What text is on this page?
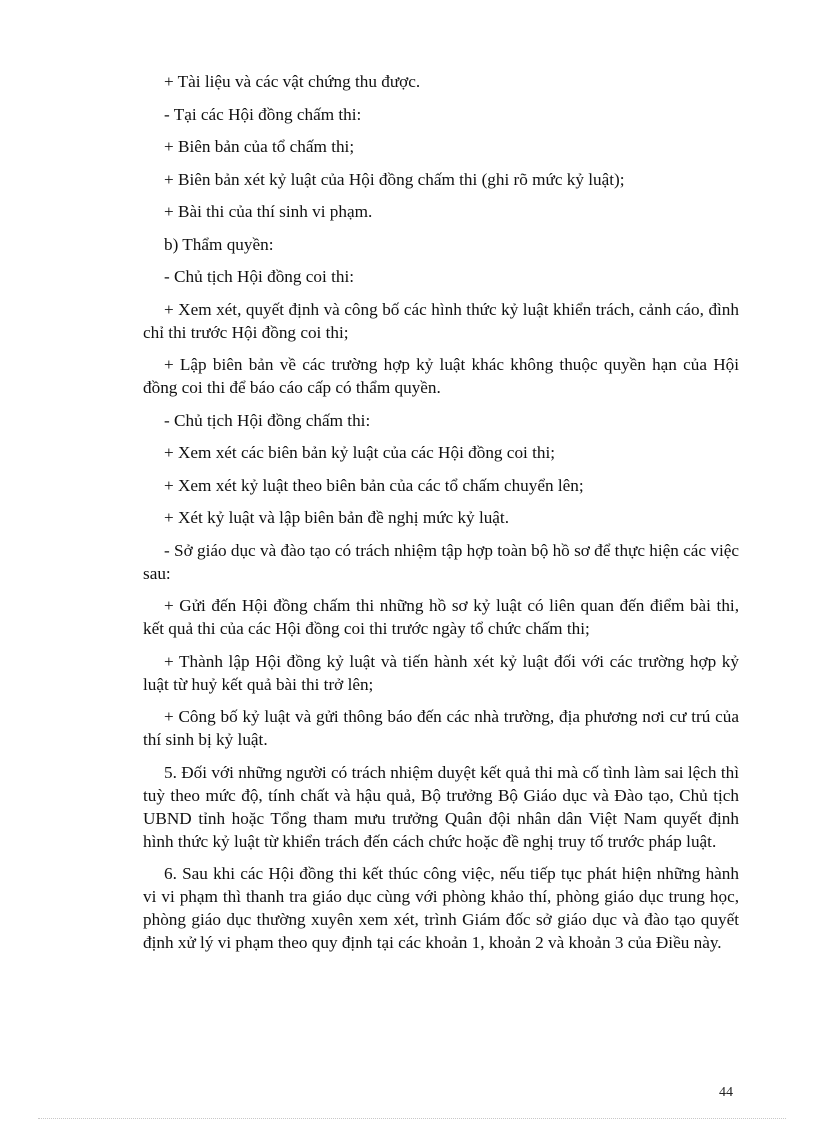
+ Tài liệu và các vật chứng thu được.

- Tại các Hội đồng chấm thi:

+ Biên bản của tổ chấm thi;

+ Biên bản xét kỷ luật của Hội đồng chấm thi (ghi rõ mức kỷ luật);

+ Bài thi của thí sinh vi phạm.

b) Thẩm quyền:

- Chủ tịch Hội đồng coi thi:

+ Xem xét, quyết định và công bố các hình thức kỷ luật khiển trách, cảnh cáo, đình chỉ thi trước Hội đồng coi thi;

+ Lập biên bản về các trường hợp kỷ luật khác không thuộc quyền hạn của Hội đồng coi thi để báo cáo cấp có thẩm quyền.

- Chủ tịch Hội đồng chấm thi:

+ Xem xét các biên bản kỷ luật của các Hội đồng coi thi;

+ Xem xét kỷ luật theo biên bản của các tổ chấm chuyển lên;

+ Xét kỷ luật và lập biên bản đề nghị mức kỷ luật.

- Sở giáo dục và đào tạo có trách nhiệm tập hợp toàn bộ hồ sơ để thực hiện các việc sau:

+ Gửi đến Hội đồng chấm thi những hồ sơ kỷ luật có liên quan đến điểm bài thi, kết quả thi của các Hội đồng coi thi trước ngày tổ chức chấm thi;

+ Thành lập Hội đồng kỷ luật và tiến hành xét kỷ luật đối với các trường hợp kỷ luật từ huỷ kết quả bài thi trở lên;

+ Công bố kỷ luật và gửi thông báo đến các nhà trường, địa phương nơi cư trú của thí sinh bị kỷ luật.

5. Đối với những người có trách nhiệm duyệt kết quả thi mà cố tình làm sai lệch thì tuỳ theo mức độ, tính chất và hậu quả, Bộ trưởng Bộ Giáo dục và Đào tạo, Chủ tịch UBND tỉnh hoặc Tổng tham mưu trưởng Quân đội nhân dân Việt Nam quyết định hình thức kỷ luật từ khiển trách đến cách chức hoặc đề nghị truy tố trước pháp luật.

6. Sau khi các Hội đồng thi kết thúc công việc, nếu tiếp tục phát hiện những hành vi vi phạm thì thanh tra giáo dục cùng với phòng khảo thí, phòng giáo dục trung học, phòng giáo dục thường xuyên xem xét, trình Giám đốc sở giáo dục và đào tạo quyết định xử lý vi phạm theo quy định tại các khoản 1, khoản 2 và khoản 3 của Điều này.

44
